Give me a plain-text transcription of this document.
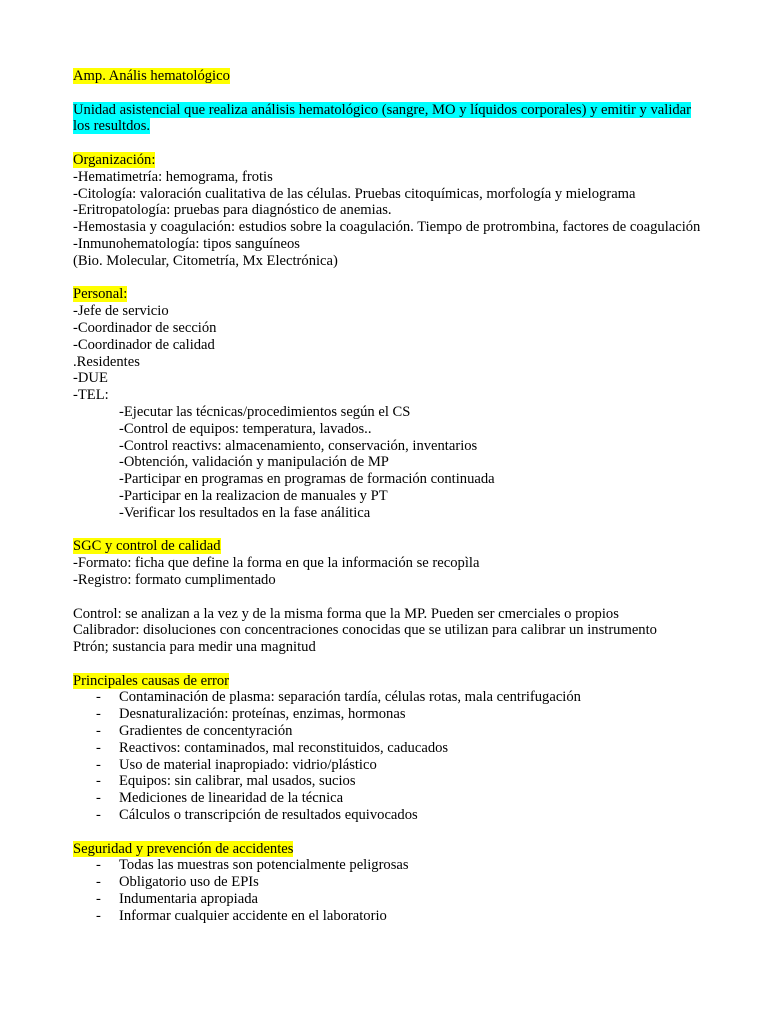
Amp. Anális hematológico
Unidad asistencial que realiza análisis hematológico (sangre, MO y líquidos corporales) y emitir y validar los resultdos.
Organización:
-Hematimetría: hemograma, frotis
-Citología: valoración cualitativa de las células. Pruebas citoquímicas, morfología y mielograma
-Eritropatología: pruebas para diagnóstico de anemias.
-Hemostasia y coagulación: estudios sobre la coagulación. Tiempo de protrombina, factores de coagulación
-Inmunohematología: tipos sanguíneos
(Bio. Molecular, Citometría, Mx Electrónica)
Personal:
-Jefe de servicio
-Coordinador de sección
-Coordinador de calidad
.Residentes
-DUE
-TEL:
-Ejecutar las técnicas/procedimientos según el CS
-Control de equipos: temperatura, lavados..
-Control reactivs: almacenamiento, conservación, inventarios
-Obtención, validación y manipulación de MP
-Participar en programas en programas de formación continuada
-Participar en la realizacion de manuales y PT
-Verificar los resultados en la fase análitica
SGC y control de calidad
-Formato: ficha que define la forma en que la información se recopìla
-Registro: formato cumplimentado
Control: se analizan a la vez y de la misma forma que la MP. Pueden ser cmerciales o propios
Calibrador: disoluciones con concentraciones conocidas que se utilizan para calibrar un instrumento
Ptrón; sustancia para medir una magnitud
Principales causas de error
- Contaminación de plasma: separación tardía, células rotas, mala centrifugación
- Desnaturalización: proteínas, enzimas, hormonas
- Gradientes de concentyración
- Reactivos: contaminados, mal reconstituidos, caducados
- Uso de material inapropiado: vidrio/plástico
- Equipos: sin calibrar, mal usados, sucios
- Mediciones de linearidad de la técnica
- Cálculos o transcripción de resultados equivocados
Seguridad y prevención de accidentes
- Todas las muestras son potencialmente peligrosas
- Obligatorio uso de EPIs
- Indumentaria apropiada
- Informar cualquier accidente en el laboratorio
